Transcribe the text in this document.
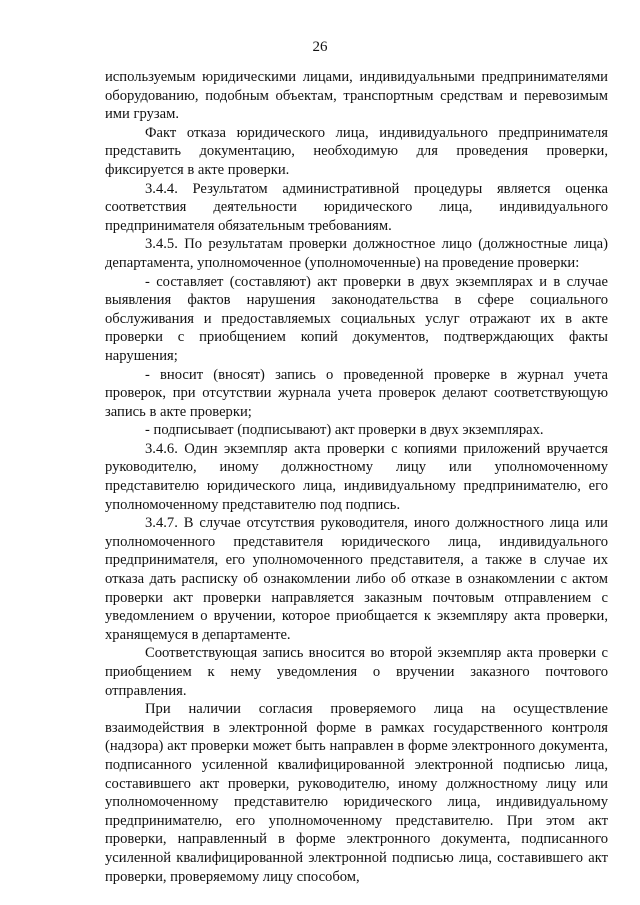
26

используемым юридическими лицами, индивидуальными предпринимателями оборудованию, подобным объектам, транспортным средствам и перевозимым ими грузам.

Факт отказа юридического лица, индивидуального предпринимателя представить документацию, необходимую для проведения проверки, фиксируется в акте проверки.

3.4.4. Результатом административной процедуры является оценка соответствия деятельности юридического лица, индивидуального предпринимателя обязательным требованиям.

3.4.5. По результатам проверки должностное лицо (должностные лица) департамента, уполномоченное (уполномоченные) на проведение проверки:

- составляет (составляют) акт проверки в двух экземплярах и в случае выявления фактов нарушения законодательства в сфере социального обслуживания и предоставляемых социальных услуг отражают их в акте проверки с приобщением копий документов, подтверждающих факты нарушения;

- вносит (вносят) запись о проведенной проверке в журнал учета проверок, при отсутствии журнала учета проверок делают соответствующую запись в акте проверки;

- подписывает (подписывают) акт проверки в двух экземплярах.

3.4.6. Один экземпляр акта проверки с копиями приложений вручается руководителю, иному должностному лицу или уполномоченному представителю юридического лица, индивидуальному предпринимателю, его уполномоченному представителю под подпись.

3.4.7. В случае отсутствия руководителя, иного должностного лица или уполномоченного представителя юридического лица, индивидуального предпринимателя, его уполномоченного представителя, а также в случае их отказа дать расписку об ознакомлении либо об отказе в ознакомлении с актом проверки акт проверки направляется заказным почтовым отправлением с уведомлением о вручении, которое приобщается к экземпляру акта проверки, хранящемуся в департаменте.

Соответствующая запись вносится во второй экземпляр акта проверки с приобщением к нему уведомления о вручении заказного почтового отправления.

При наличии согласия проверяемого лица на осуществление взаимодействия в электронной форме в рамках государственного контроля (надзора) акт проверки может быть направлен в форме электронного документа, подписанного усиленной квалифицированной электронной подписью лица, составившего акт проверки, руководителю, иному должностному лицу или уполномоченному представителю юридического лица, индивидуальному предпринимателю, его уполномоченному представителю. При этом акт проверки, направленный в форме электронного документа, подписанного усиленной квалифицированной электронной подписью лица, составившего акт проверки, проверяемому лицу способом,
